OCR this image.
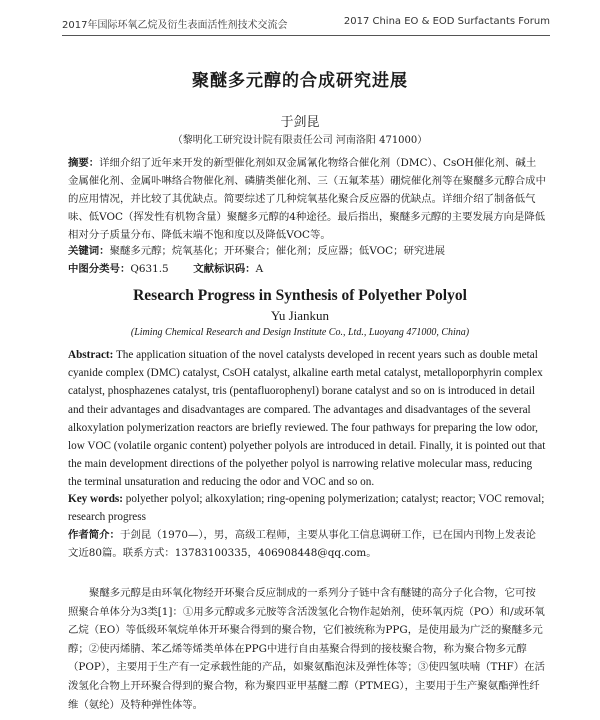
2017年国际环氧乙烷及衍生表面活性剂技术交流会	2017 China EO & EOD Surfactants Forum
聚醚多元醇的合成研究进展
于剑昆
（黎明化工研究设计院有限责任公司 河南洛阳 471000）
摘要：详细介绍了近年来开发的新型催化剂如双金属氰化物络合催化剂（DMC）、CsOH催化剂、碱土金属催化剂、金属卟啉络合物催化剂、磷腈类催化剂、三（五氟苯基）硼烷催化剂等在聚醚多元醇合成中的应用情况，并比较了其优缺点。简要综述了几种烷氧基化聚合反应器的优缺点。详细介绍了制备低气味、低VOC（挥发性有机物含量）聚醚多元醇的4种途径。最后指出，聚醚多元醇的主要发展方向是降低相对分子质量分布、降低末端不饱和度以及降低VOC等。
关键词：聚醚多元醇；烷氧基化；开环聚合；催化剂；反应器；低VOC；研究进展
中图分类号：Q631.5 文献标识码：A
Research Progress in Synthesis of Polyether Polyol
Yu Jiankun
(Liming Chemical Research and Design Institute Co., Ltd., Luoyang 471000, China)
Abstract: The application situation of the novel catalysts developed in recent years such as double metal cyanide complex (DMC) catalyst, CsOH catalyst, alkaline earth metal catalyst, metalloporphyrin complex catalyst, phosphazenes catalyst, tris (pentafluorophenyl) borane catalyst and so on is introduced in detail and their advantages and disadvantages are compared. The advantages and disadvantages of the several alkoxylation polymerization reactors are briefly reviewed. The four pathways for preparing the low odor, low VOC (volatile organic content) polyether polyols are introduced in detail. Finally, it is pointed out that the main development directions of the polyether polyol is narrowing relative molecular mass, reducing the terminal unsaturation and reducing the odor and VOC and so on.
Key words: polyether polyol; alkoxylation; ring-opening polymerization; catalyst; reactor; VOC removal; research progress
作者简介：于剑昆（1970—），男，高级工程师，主要从事化工信息调研工作，已在国内刊物上发表论文近80篇。联系方式：13783100335，406908448@qq.com。
聚醚多元醇是由环氧化物经开环聚合反应制成的一系列分子链中含有醚键的高分子化合物，它可按照聚合单体分为3类[1]：①用多元醇或多元胺等含活泼氢化合物作起始剂，使环氧丙烷（PO）和/或环氧乙烷（EO）等低级环氧烷单体开环聚合得到的聚合物，它们被统称为PPG，是使用最为广泛的聚醚多元醇；②使丙烯腈、苯乙烯等烯类单体在PPG中进行自由基聚合得到的接枝聚合物，称为聚合物多元醇（POP），主要用于生产有一定承载性能的产品，如聚氨酯泡沫及弹性体等；③使四氢呋喃（THF）在活泼氢化合物上开环聚合得到的聚合物，称为聚四亚甲基醚二醇（PTMEG），主要用于生产聚氨酯弹性纤维（氨纶）及特种弹性体等。
